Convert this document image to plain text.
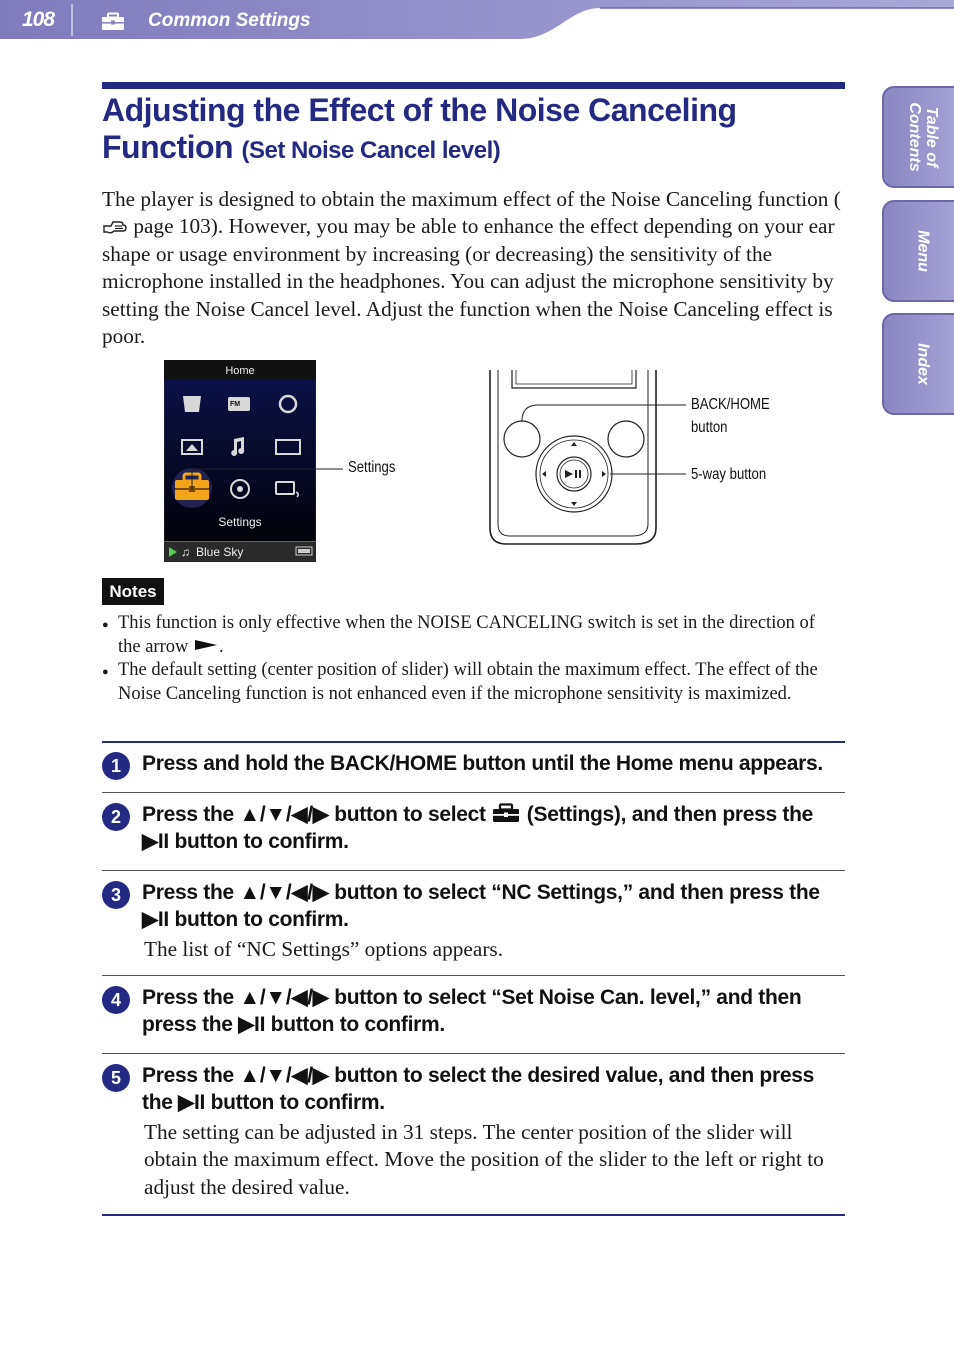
108	Common Settings
Table of Contents
Menu
Index
Adjusting the Effect of the Noise Canceling Function (Set Noise Cancel level)
The player is designed to obtain the maximum effect of the Noise Canceling function ( page 103). However, you may be able to enhance the effect depending on your ear shape or usage environment by increasing (or decreasing) the sensitivity of the microphone installed in the headphones. You can adjust the microphone sensitivity by setting the Noise Cancel level. Adjust the function when the Noise Canceling effect is poor.
FM
Home
Settings
♫ Blue Sky
Settings
BACK/HOME
button
5-way button
Notes
● This function is only effective when the NOISE CANCELING switch is set in the direction of the arrow .
● The default setting (center position of slider) will obtain the maximum effect. The effect of the Noise Canceling function is not enhanced even if the microphone sensitivity is maximized.
1	Press and hold the BACK/HOME button until the Home menu appears.
2	Press the ▲/▼/◀/▶ button to select  (Settings), and then press the ▶II button to confirm.
3	Press the ▲/▼/◀/▶ button to select “NC Settings,” and then press the ▶II button to confirm.
The list of “NC Settings” options appears.
4	Press the ▲/▼/◀/▶ button to select “Set Noise Can. level,” and then press the ▶II button to confirm.
5	Press the ▲/▼/◀/▶ button to select the desired value, and then press the ▶II button to confirm.
The setting can be adjusted in 31 steps. The center position of the slider will obtain the maximum effect. Move the position of the slider to the left or right to adjust the desired value.
